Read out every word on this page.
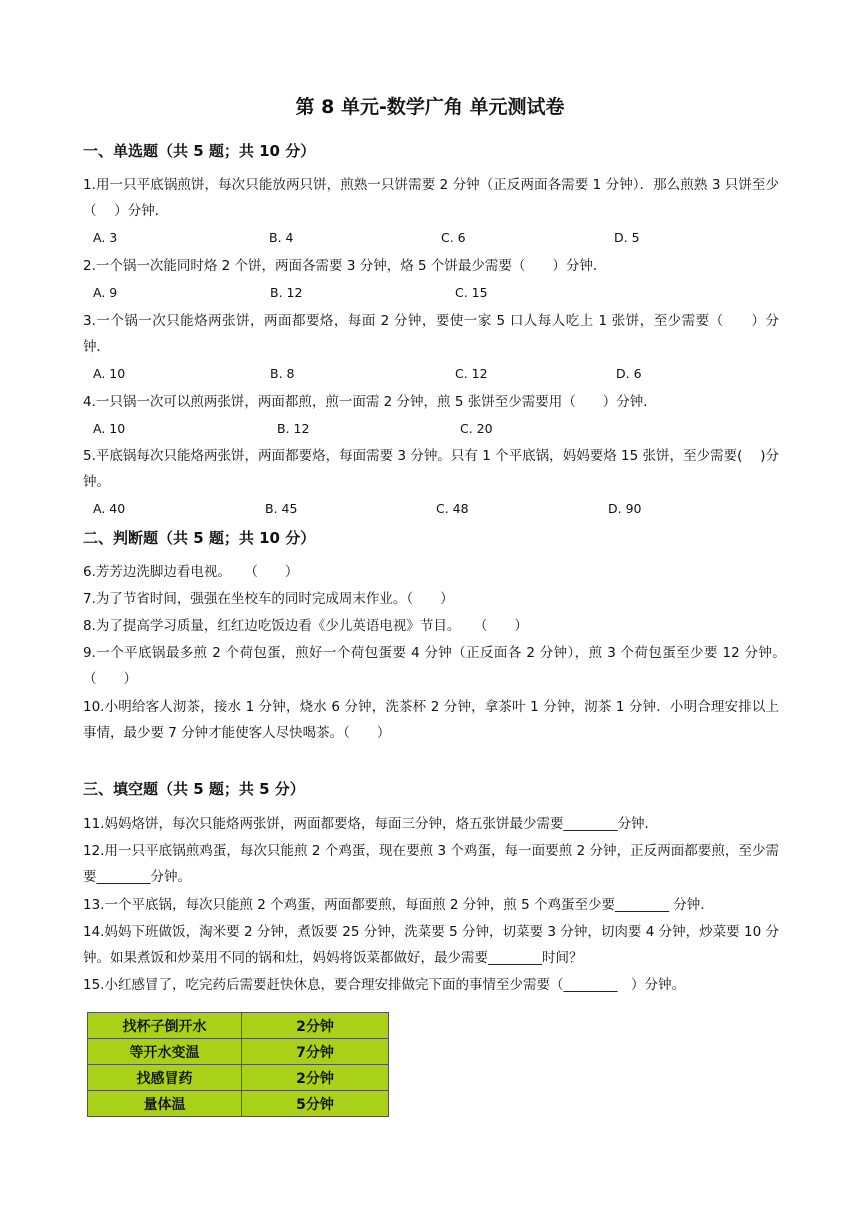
第 8 单元-数学广角 单元测试卷
一、单选题（共 5 题；共 10 分）
1.用一只平底锅煎饼，每次只能放两只饼，煎熟一只饼需要 2 分钟（正反两面各需要 1 分钟）．那么煎熟 3 只饼至少（　 ）分钟．
A. 3	B. 4	C. 6	D. 5
2.一个锅一次能同时烙 2 个饼，两面各需要 3 分钟，烙 5 个饼最少需要（　　）分钟．
A. 9	B. 12	C. 15
3.一个锅一次只能烙两张饼，两面都要烙，每面 2 分钟，要使一家 5 口人每人吃上 1 张饼，至少需要（　　）分钟．
A. 10	B. 8	C. 12	D. 6
4.一只锅一次可以煎两张饼，两面都煎，煎一面需 2 分钟，煎 5 张饼至少需要用（　　）分钟．
A. 10	B. 12	C. 20
5.平底锅每次只能烙两张饼，两面都要烙，每面需要 3 分钟。只有 1 个平底锅，妈妈要烙 15 张饼，至少需要(　 )分钟。
A. 40	B. 45	C. 48	D. 90
二、判断题（共 5 题；共 10 分）
6.芳芳边洗脚边看电视。　　（　　）
7.为了节省时间，强强在坐校车的同时完成周末作业。（　　）
8.为了提高学习质量，红红边吃饭边看《少儿英语电视》节目。　　（　　）
9.一个平底锅最多煎 2 个荷包蛋，煎好一个荷包蛋要 4 分钟（正反面各 2 分钟），煎 3 个荷包蛋至少要 12 分钟。　（　　）
10.小明给客人沏茶，接水 1 分钟，烧水 6 分钟，洗茶杯 2 分钟，拿茶叶 1 分钟，沏茶 1 分钟．小明合理安排以上事情，最少要 7 分钟才能使客人尽快喝茶。（　　）
三、填空题（共 5 题；共 5 分）
11.妈妈烙饼，每次只能烙两张饼，两面都要烙，每面三分钟，烙五张饼最少需要________分钟．
12.用一只平底锅煎鸡蛋，每次只能煎 2 个鸡蛋，现在要煎 3 个鸡蛋，每一面要煎 2 分钟，正反两面都要煎，至少需要________分钟。
13.一个平底锅，每次只能煎 2 个鸡蛋，两面都要煎，每面煎 2 分钟，煎 5 个鸡蛋至少要________ 分钟．
14.妈妈下班做饭，淘米要 2 分钟，煮饭要 25 分钟，洗菜要 5 分钟，切菜要 3 分钟，切肉要 4 分钟，炒菜要 10 分钟。如果煮饭和炒菜用不同的锅和灶，妈妈将饭菜都做好，最少需要________时间？
15.小红感冒了，吃完药后需要赶快休息，要合理安排做完下面的事情至少需要（________　）分钟。
找杯子倒开水	2分钟
等开水变温	7分钟
找感冒药	2分钟
量体温	5分钟
